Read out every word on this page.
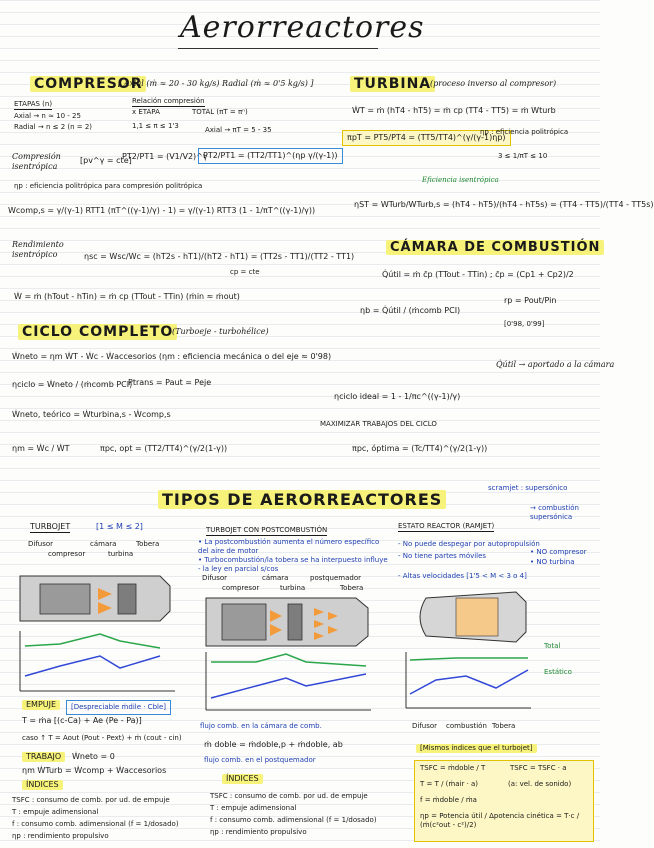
Aerorreactores
COMPRESOR
[ Axial (ṁ ≈ 20 - 30 kg/s) Radial (ṁ ≈ 0'5 kg/s) ]
ETAPAS (n)
Axial → n ≈ 10 - 25
Radial → n ≤ 2 (n = 2)
Relación compresión
x ETAPA	TOTAL (πT = πⁿ)
1,1 ≤ π ≤ 1'3	Axial → πT = 5 - 35
Compresión isentrópica
[pv^γ = cte]
PT2/PT1 = (V1/V2)^γ
PT2/PT1 = (TT2/TT1)^(ηp γ/(γ-1))
ηp : eficiencia politrópica para compresión politrópica
Wcomp,s = γ/(γ-1) RTT1 (πT^((γ-1)/γ) - 1) = γ/(γ-1) RTT3 (1 - 1/πT^((γ-1)/γ))
Rendimiento isentrópico	ηsc = Wsc/Wc = (hT2s - hT1)/(hT2 - hT1) = (TT2s - TT1)/(TT2 - TT1)
cp = cte
Ẇ = ṁ (hTout - hTin) = ṁ cp (TTout - TTin) (ṁin ≈ ṁout)
TURBINA
(proceso inverso al compresor)
ẆT = ṁ (hT4 - hT5) = ṁ cp (TT4 - TT5) = ṁ Wturb
πpT = PT5/PT4 = (TT5/TT4)^(γ/(γ-1)ηp)
ηp : eficiencia politrópica
3 ≤ 1/πT ≤ 10
Eficiencia isentrópica
ηST = WTurb/WTurb,s = (hT4 - hT5)/(hT4 - hT5s) = (TT4 - TT5)/(TT4 - TT5s)
CÁMARA DE COMBUSTIÓN
Q̇útil = ṁ c̄p (TTout - TTin) ; c̄p = (Cp1 + Cp2)/2
ηb = Q̇útil / (ṁcomb PCI)
rp = Pout/Pin
[0'98, 0'99]
Q̇útil → aportado a la cámara
CICLO COMPLETO
(Turboeje - turbohélice)
Ẇneto = ηm ẆT - Ẇc - Ẇaccesorios (ηm : eficiencia mecánica o del eje ≈ 0'98)
ηciclo = Ẇneto / (ṁcomb PCI)
Ptrans = Paut = Peje
ηciclo ideal = 1 - 1/πc^((γ-1)/γ)
Ẇneto, teórico = Ẇturbina,s - Ẇcomp,s
MAXIMIZAR TRABAJOS DEL CICLO
ηm = Ẇc / ẆT	πpc, opt = (TT2/TT4)^(γ/2(1-γ))	πpc, óptima = (Tc/TT4)^(γ/2(1-γ))
TIPOS DE AERORREACTORES
TURBOJET	[1 ≤ M ≤ 2]
Difusor
compresor
cámara
turbina
Tobera
EMPUJE	[Despreciable ṁdile · Cble]
T = ṁa [(c-Ca) + Ae (Pe - Pa)]
caso ↑ T = Aout (Pout - Pext) + ṁ (cout - cin)
TRABAJO	Ẇneto = 0
ηm ẆTurb = Ẇcomp + Ẇaccesorios
ÍNDICES
TSFC : consumo de comb. por ud. de empuje
T : empuje adimensional
f : consumo comb. adimensional (f = 1/dosado)
ηp : rendimiento propulsivo
TURBOJET CON POSTCOMBUSTIÓN
• La postcombustión aumenta el número específico del aire de motor
• Turbocombustión/la tobera se ha interpuesto influye - la ley en parcial s/cos
Difusor
compresor
cámara
turbina
postquemador
Tobera
flujo comb. en la cámara de comb.
ṁ doble = ṁdoble,p + ṁdoble, ab
flujo comb. en el postquemador
ÍNDICES
TSFC : consumo de comb. por ud. de empuje
T : empuje adimensional
f : consumo comb. adimensional (f = 1/dosado)
ηp : rendimiento propulsivo
scramjet : supersónico
→ combustión supersónica
ESTATO REACTOR (RAMJET)
- No puede despegar por autopropulsión
- No tiene partes móviles	• NO compresor
• NO turbina
- Altas velocidades [1'5 < M < 3 o 4]
Total
Estático
Difusor combustión Tobera
[Mismos índices que el turbojet]
TSFC = ṁdoble / T	TSFC = TSFC · a
T = T / (ṁair · a)	(a: vel. de sonido)
f = ṁdoble / ṁa
ηp = Potencia útil / Δpotencia cinética = T·c / (ṁ(c²out - c²)/2)
